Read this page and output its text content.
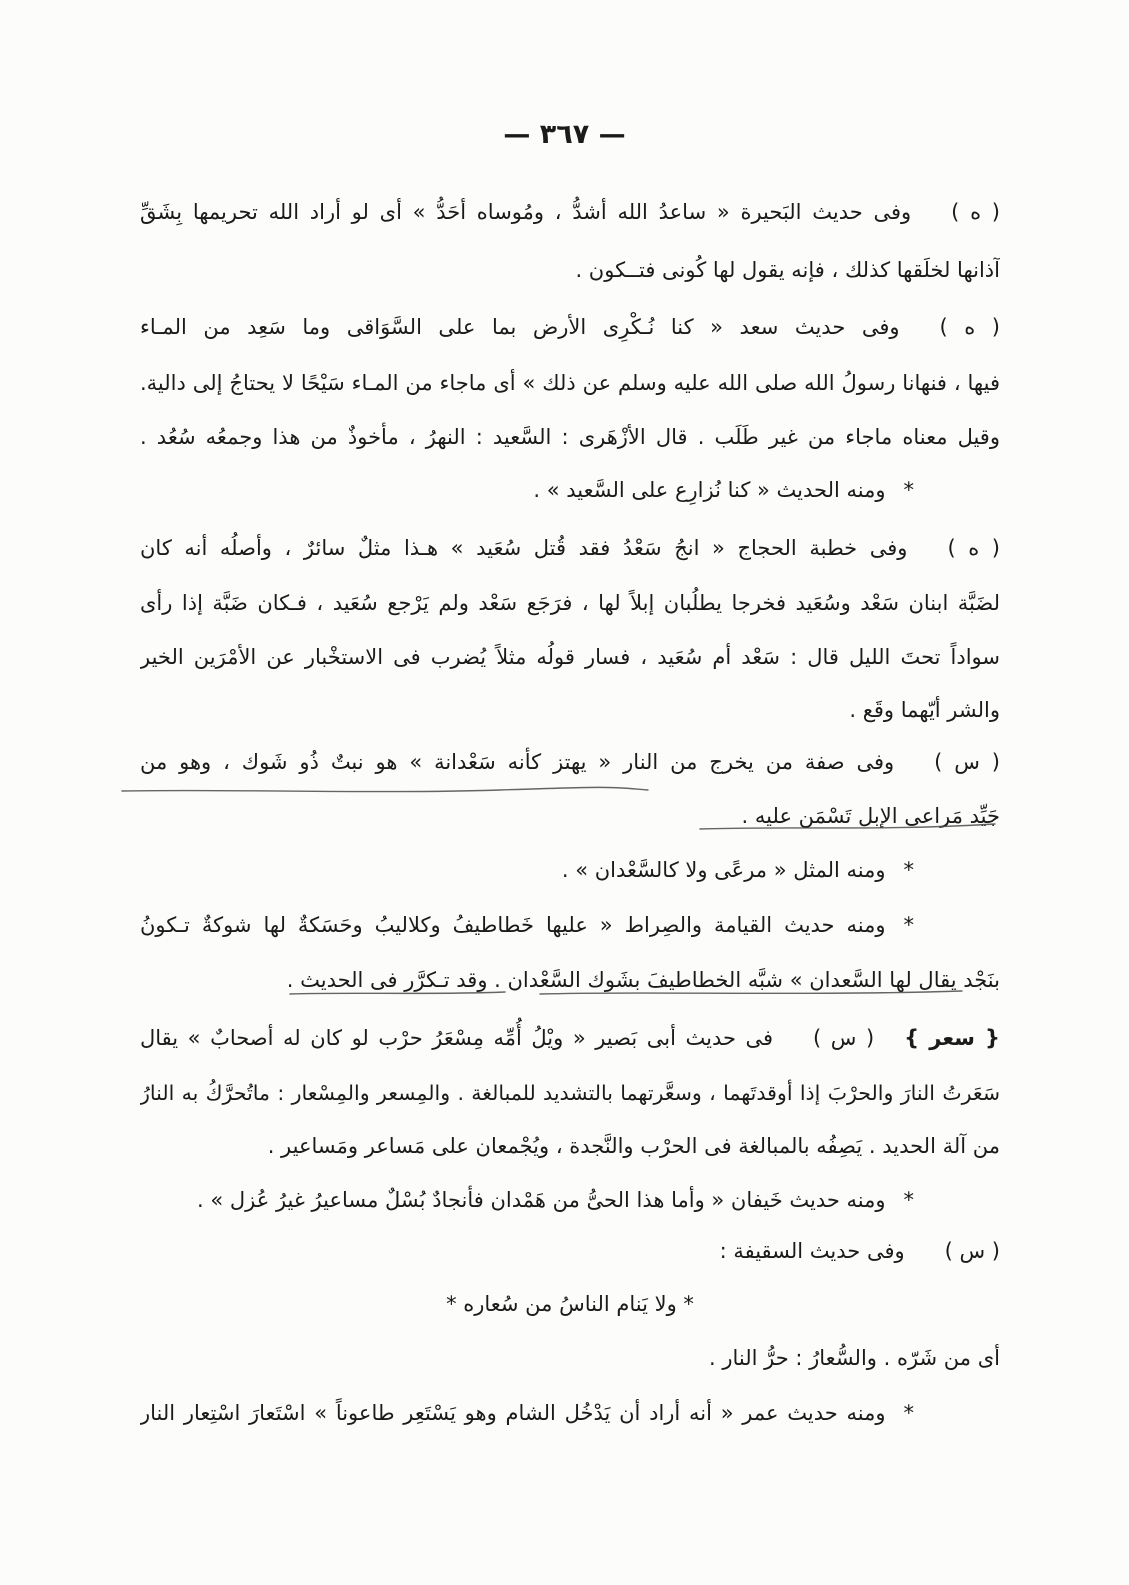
— ٣٦٧ —
( ه )وفى حديث البَحيرة « ساعدُ الله أشدُّ ، ومُوساه أحَدُّ » أى لو أراد الله تحريمها بِشَقِّ
آذانها لخلَقها كذلك ، فإنه يقول لها كُونى فتــكون .
( ه )وفى حديث سعد « كنا نُـكْرِى الأرض بما على السَّوَاقى وما سَعِد من المـاء
فيها ، فنهانا رسولُ الله صلى الله عليه وسلم عن ذلك » أى ماجاء من المـاء سَيْحًا لا يحتاجُ إلى دالية.
وقيل معناه ماجاء من غير طَلَب . قال الأزْهَرى : السَّعيد : النهرُ ، مأخوذٌ من هذا وجمعُه سُعُد .
*ومنه الحديث « كنا نُزارِع على السَّعيد » .
( ه )وفى خطبة الحجاج « انجُ سَعْدُ فقد قُتل سُعَيد » هـذا مثلٌ سائرٌ ، وأصلُه أنه كان
لضَبَّة ابنان سَعْد وسُعَيد فخرجا يطلُبان إبلاً لها ، فرَجَع سَعْد ولم يَرْجع سُعَيد ، فـكان ضَبَّة إذا رأى
سواداً تحتَ الليل قال : سَعْد أم سُعَيد ، فسار قولُه مثلاً يُضرب فى الاستخْبار عن الأمْرَين الخير
والشر أيّهما وقَع .
( س )وفى صفة من يخرج من النار « يهتز كأنه سَعْدانة » هو نبتٌ ذُو شَوك ، وهو من
جَيِّد مَراعى الإبل تَسْمَن عليه .
*ومنه المثل « مرعًى ولا كالسَّعْدان » .
*ومنه حديث القيامة والصِراط « عليها خَطاطيفُ وكلاليبُ وحَسَكةٌ لها شوكةٌ تـكونُ
بنَجْد يقال لها السَّعدان » شبَّه الخطاطيفَ بشَوك السَّعْدان . وقد تـكرَّر فى الحديث .
{ سعر }( س )فى حديث أبى بَصير « ويْلُ أُمِّه مِسْعَرُ حرْب لو كان له أصحابٌ » يقال
سَعَرتُ النارَ والحرْبَ إذا أوقدتَهما ، وسعَّرتهما بالتشديد للمبالغة . والمِسعر والمِسْعار : ماتُحرَّكُ به النارُ
من آلة الحديد . يَصِفُه بالمبالغة فى الحرْب والنَّجدة ، ويُجْمعان على مَساعر ومَساعير .
*ومنه حديث خَيفان « وأما هذا الحىُّ من هَمْدان فأنجادٌ بُسْلٌ مساعيرُ غيرُ عُزل » .
( س )وفى حديث السقيفة :
* ولا يَنام الناسُ من سُعاره *
أى من شَرّه . والسُّعارُ : حرُّ النار .
*ومنه حديث عمر « أنه أراد أن يَدْخُل الشام وهو يَسْتَعِر طاعوناً » اسْتَعارَ اسْتِعار النار
